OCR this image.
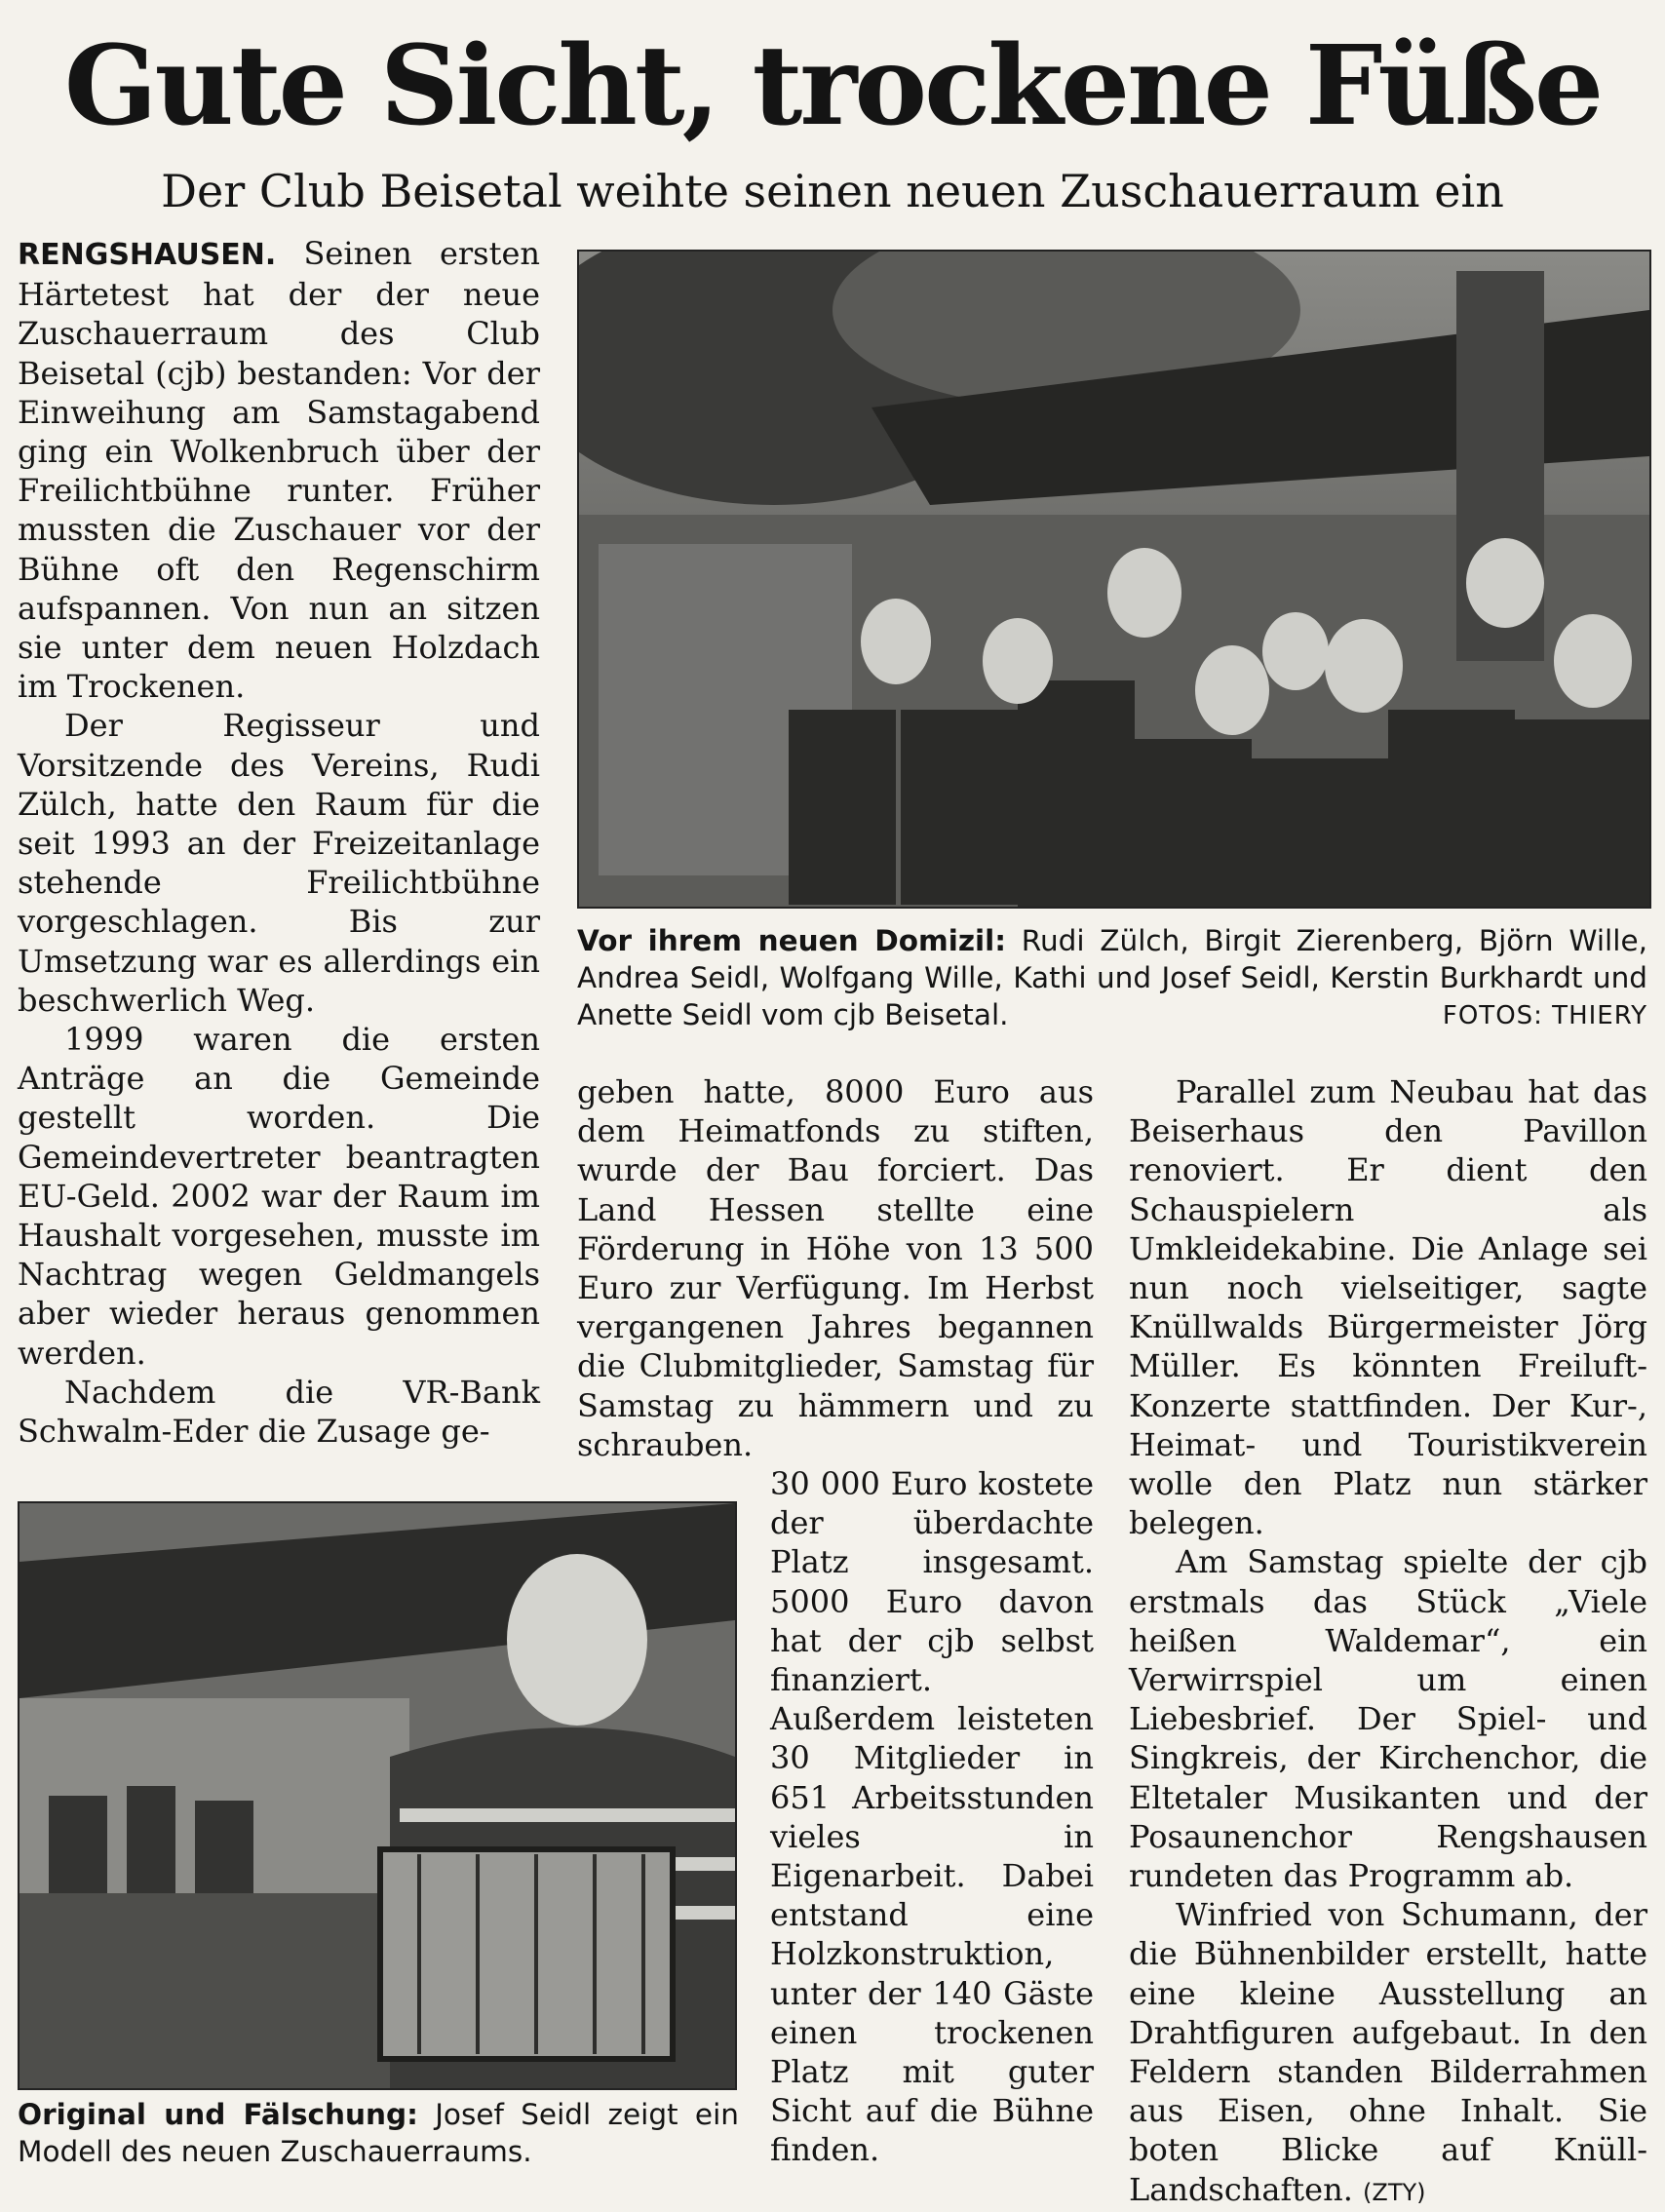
Gute Sicht, trockene Füße
Der Club Beisetal weihte seinen neuen Zuschauerraum ein

RENGSHAUSEN. Seinen ersten Härtetest hat der der neue Zuschauerraum des Club Beisetal (cjb) bestanden: Vor der Einweihung am Samstagabend ging ein Wolkenbruch über der Freilichtbühne runter. Früher mussten die Zuschauer vor der Bühne oft den Regenschirm aufspannen. Von nun an sitzen sie unter dem neuen Holzdach im Trockenen.

Der Regisseur und Vorsitzende des Vereins, Rudi Zülch, hatte den Raum für die seit 1993 an der Freizeitanlage stehende Freilichtbühne vorgeschlagen. Bis zur Umsetzung war es allerdings ein beschwerlich Weg.

1999 waren die ersten Anträge an die Gemeinde gestellt worden. Die Gemeindevertreter beantragten EU-Geld. 2002 war der Raum im Haushalt vorgesehen, musste im Nachtrag wegen Geldmangels aber wieder heraus genommen werden.

Nachdem die VR-Bank Schwalm-Eder die Zusage ge-

Vor ihrem neuen Domizil: Rudi Zülch, Birgit Zierenberg, Björn Wille, Andrea Seidl, Wolfgang Wille, Kathi und Josef Seidl, Kerstin Burkhardt und Anette Seidl vom cjb Beisetal.	FOTOS: THIERY

geben hatte, 8000 Euro aus dem Heimatfonds zu stiften, wurde der Bau forciert. Das Land Hessen stellte eine Förderung in Höhe von 13 500 Euro zur Verfügung. Im Herbst vergangenen Jahres begannen die Clubmitglieder, Samstag für Samstag zu hämmern und zu schrauben.

30 000 Euro kostete der überdachte Platz insgesamt. 5000 Euro davon hat der cjb selbst finanziert. Außerdem leisteten 30 Mitglieder in 651 Arbeitsstunden vieles in Eigenarbeit. Dabei entstand eine Holzkonstruktion, unter der 140 Gäste einen trockenen Platz mit guter Sicht auf die Bühne finden.

Parallel zum Neubau hat das Beiserhaus den Pavillon renoviert. Er dient den Schauspielern als Umkleidekabine. Die Anlage sei nun noch vielseitiger, sagte Knüllwalds Bürgermeister Jörg Müller. Es könnten Freiluft-Konzerte stattfinden. Der Kur-, Heimat- und Touristikverein wolle den Platz nun stärker belegen.

Am Samstag spielte der cjb erstmals das Stück „Viele heißen Waldemar“, ein Verwirrspiel um einen Liebesbrief. Der Spiel- und Singkreis, der Kirchenchor, die Eltetaler Musikanten und der Posaunenchor Rengshausen rundeten das Programm ab.

Winfried von Schumann, der die Bühnenbilder erstellt, hatte eine kleine Ausstellung an Drahtfiguren aufgebaut. In den Feldern standen Bilderrahmen aus Eisen, ohne Inhalt. Sie boten Blicke auf Knüll-Landschaften. (ZTY)

Original und Fälschung: Josef Seidl zeigt ein Modell des neuen Zuschauerraums.
